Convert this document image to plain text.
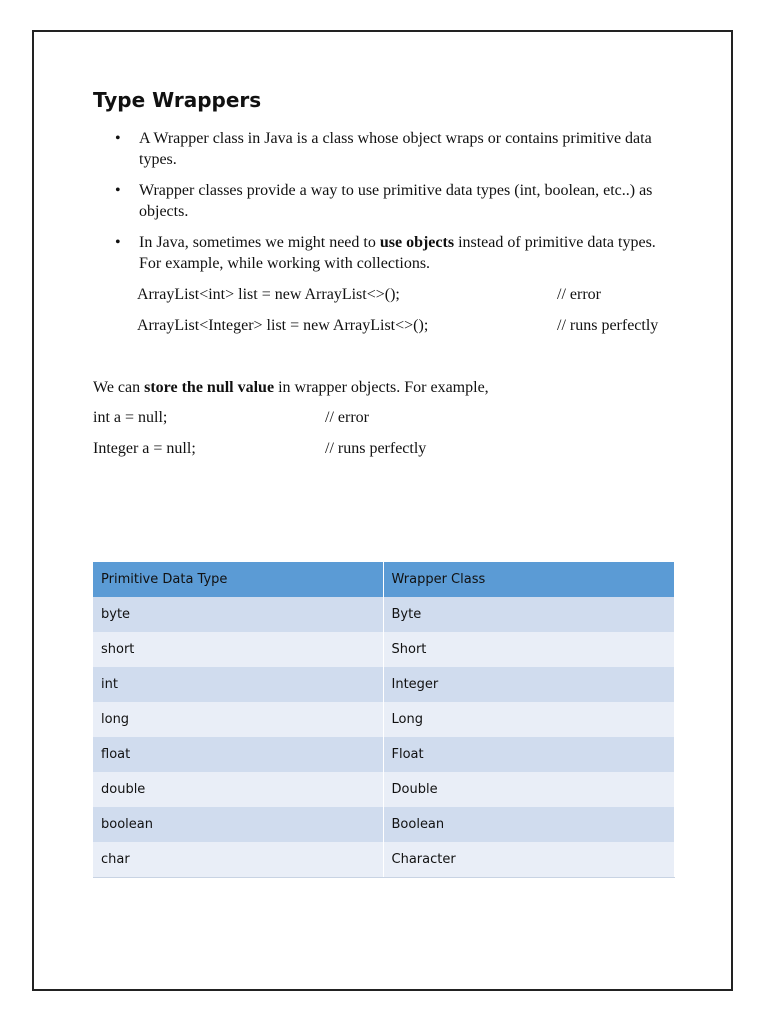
Type Wrappers
•	A Wrapper class in Java is a class whose object wraps or contains primitive data types.
•	Wrapper classes provide a way to use primitive data types (int, boolean, etc..) as objects.
•	In Java, sometimes we might need to use objects instead of primitive data types. For example, while working with collections.
ArrayList<int> list = new ArrayList<>();	// error
ArrayList<Integer> list = new ArrayList<>();	// runs perfectly
We can store the null value in wrapper objects. For example,
int a = null;	// error
Integer a = null;	// runs perfectly
Primitive Data Type	Wrapper Class
byte	Byte
short	Short
int	Integer
long	Long
float	Float
double	Double
boolean	Boolean
char	Character
